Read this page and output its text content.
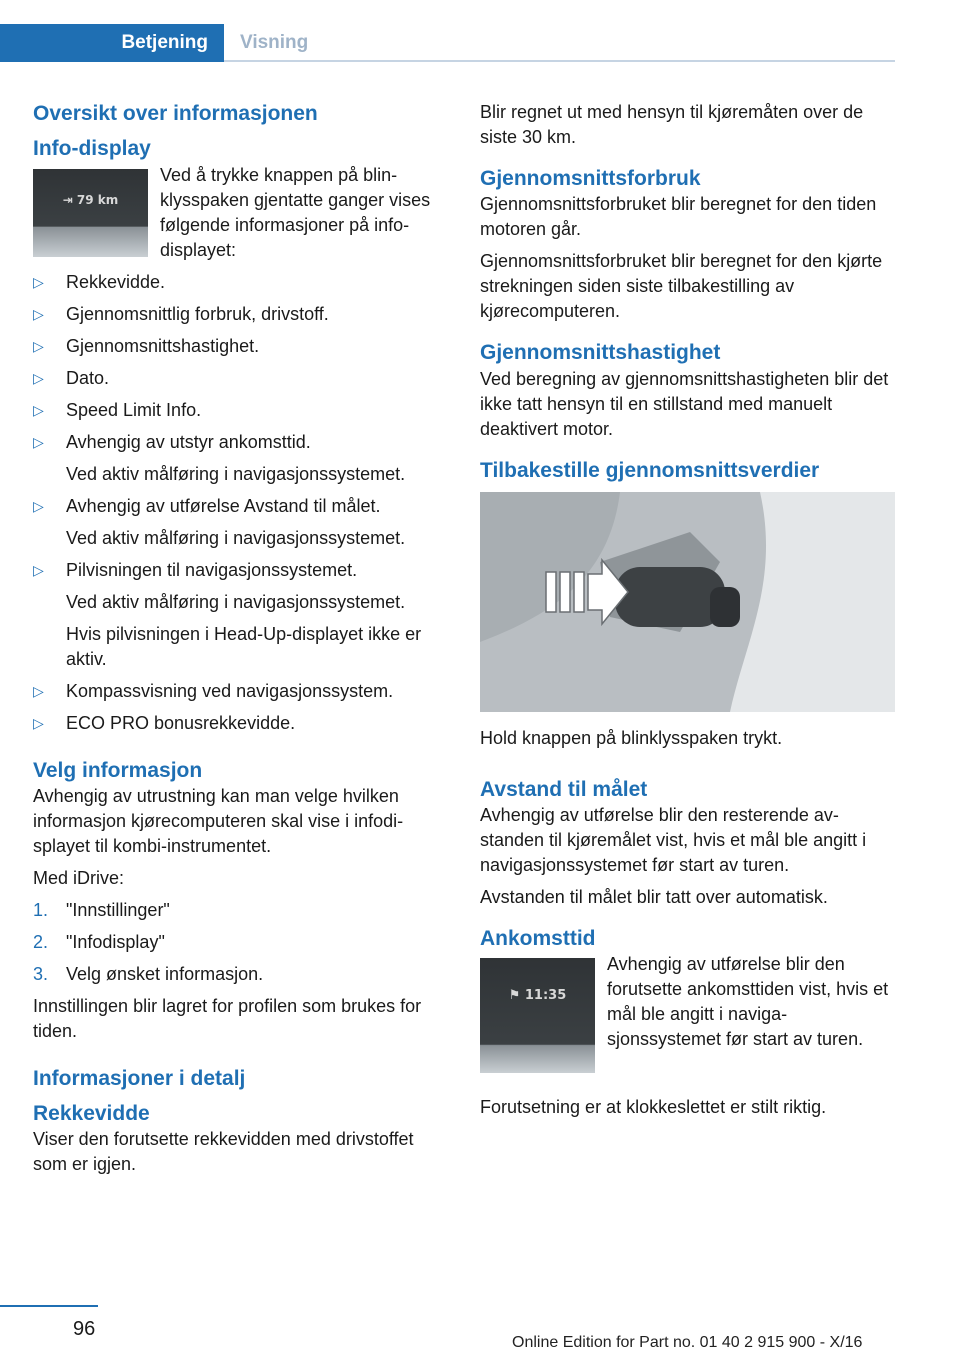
Betjening	Visning
Oversikt over informasjonen
Info-display
⇥ 79 km

Ved å trykke knappen på blinklysspaken gjentatte ganger vises følgende informasjoner på info-displayet:

▷ Rekkevidde.
▷ Gjennomsnittlig forbruk, drivstoff.
▷ Gjennomsnittshastighet.
▷ Dato.
▷ Speed Limit Info.
▷ Avhengig av utstyr ankomsttid.
Ved aktiv målføring i navigasjonssystemet.
▷ Avhengig av utførelse Avstand til målet.
Ved aktiv målføring i navigasjonssystemet.
▷ Pilvisningen til navigasjonssystemet.
Ved aktiv målføring i navigasjonssystemet.
Hvis pilvisningen i Head-Up-displayet ikke er aktiv.
▷ Kompassvisning ved navigasjonssystem.
▷ ECO PRO bonusrekkevidde.
Velg informasjon

Avhengig av utrustning kan man velge hvilken informasjon kjørecomputeren skal vise i infodisplayet til kombi-instrumentet.

Med iDrive:

1. "Innstillinger"
2. "Infodisplay"
3. Velg ønsket informasjon.

Innstillingen blir lagret for profilen som brukes for tiden.

Informasjoner i detalj
Rekkevidde

Viser den forutsette rekkevidden med drivstoffet som er igjen.

Blir regnet ut med hensyn til kjøremåten over de siste 30 km.

Gjennomsnittsforbruk

Gjennomsnittsforbruket blir beregnet for den tiden motoren går.

Gjennomsnittsforbruket blir beregnet for den kjørte strekningen siden siste tilbakestilling av kjørecomputeren.

Gjennomsnittshastighet

Ved beregning av gjennomsnittshastigheten blir det ikke tatt hensyn til en stillstand med manuelt deaktivert motor.

Tilbakestille gjennomsnittsverdier

Hold knappen på blinklysspaken trykt.

Avstand til målet

Avhengig av utførelse blir den resterende avstanden til kjøremålet vist, hvis et mål ble angitt i navigasjonssystemet før start av turen.

Avstanden til målet blir tatt over automatisk.

Ankomsttid
⚑ 11:35

Avhengig av utførelse blir den forutsette ankomsttiden vist, hvis et mål ble angitt i navigasjonssystemet før start av turen.

Forutsetning er at klokkeslettet er stilt riktig.

96
Online Edition for Part no. 01 40 2 915 900 - X/16
